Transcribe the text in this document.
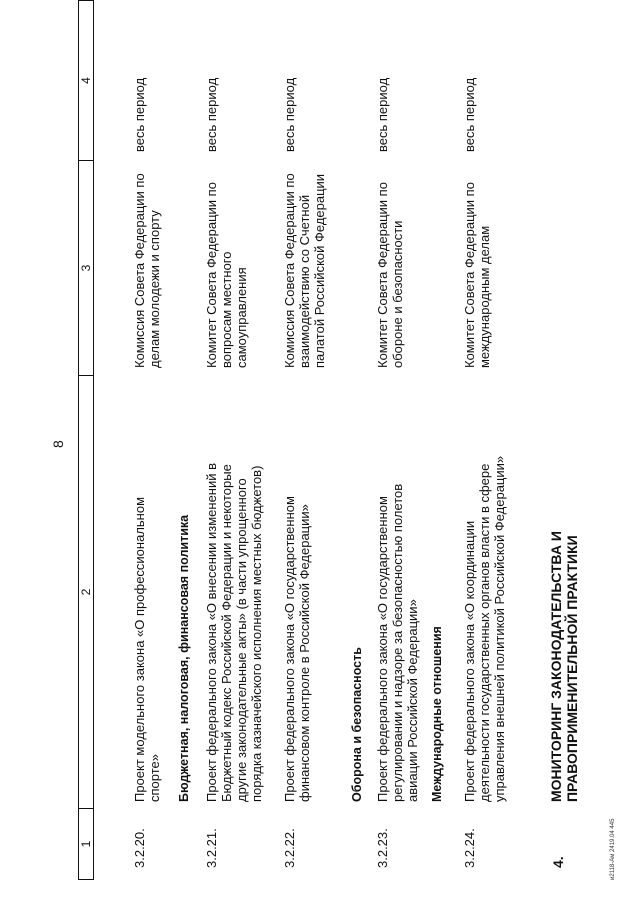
8
1
2
3
4
3.2.20.
Проект модельного закона «О профессиональном спорте»
Комиссия Совета Федерации по делам молодежи и спорту
весь период
Бюджетная, налоговая, финансовая политика
3.2.21.
Проект федерального закона «О внесении изменений в Бюджетный кодекс Российской Федерации и некоторые другие законодательные акты» (в части упрощенного порядка казначейского исполнения местных бюджетов)
Комитет Совета Федерации по вопросам местного самоуправления
весь период
3.2.22.
Проект федерального закона «О государственном финансовом контроле в Российской Федерации»
Комиссия Совета Федерации по взаимодействию со Счетной палатой Российской Федерации
весь период
Оборона и безопасность
3.2.23.
Проект федерального закона «О государственном регулировании и надзоре за безопасностью полетов авиации Российской Федерации»
Комитет Совета Федерации по обороне и безопасности
весь период
Международные отношения
3.2.24.
Проект федерального закона «О координации деятельности государственных органов власти в сфере управления внешней политикой Российской Федерации»
Комитет Совета Федерации по международным делам
весь период
4.
МОНИТОРИНГ ЗАКОНОДАТЕЛЬСТВА И ПРАВОПРИМЕНИТЕЛЬНОЙ ПРАКТИКИ
и2118-Ам 2419.04 445
